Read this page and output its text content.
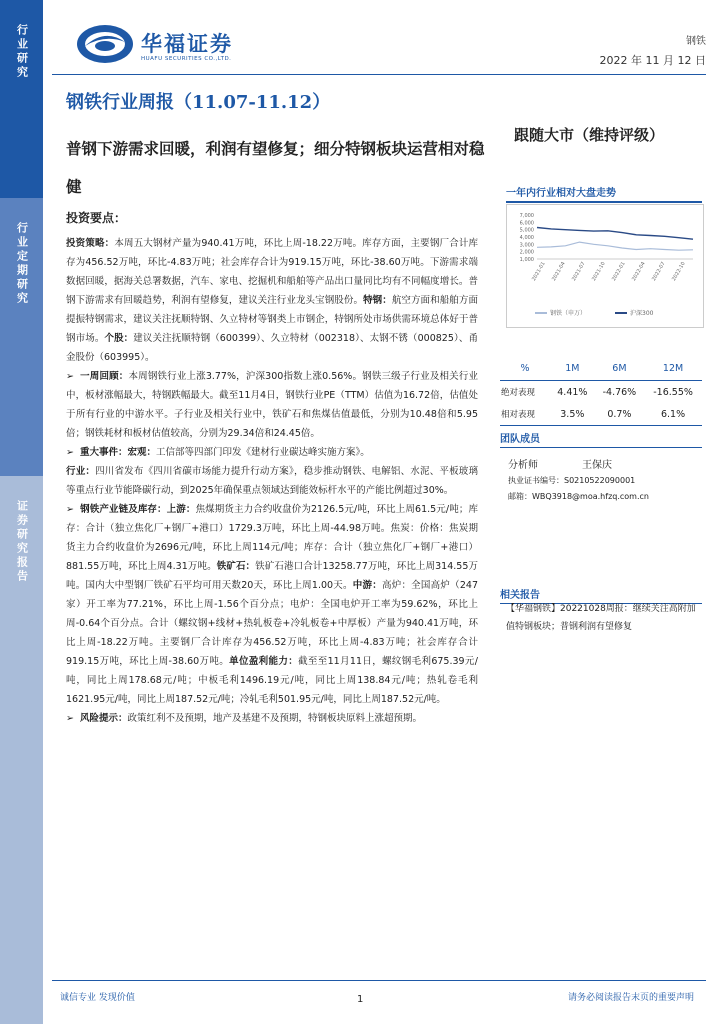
行业研究
行业定期研究
证券研究报告
华福证券
HUAFU SECURITIES CO.,LTD.
钢铁
2022 年 11 月 12 日
钢铁行业周报（11.07-11.12）
普钢下游需求回暖，利润有望修复；细分特钢板块运营相对稳健
跟随大市（维持评级）
投资要点：

投资策略：本周五大钢材产量为940.41万吨，环比上周-18.22万吨。库存方面，主要钢厂合计库存为456.52万吨，环比-4.83万吨；社会库存合计为919.15万吨，环比-38.60万吨。下游需求端数据回暖，据海关总署数据，汽车、家电、挖掘机和船舶等产品出口量同比均有不同幅度增长。普钢下游需求有回暖趋势，利润有望修复，建议关注行业龙头宝钢股份。特钢：航空方面和船舶方面提振特钢需求，建议关注抚顺特钢、久立特材等钢类上市钢企，特钢所处市场供需环境总体好于普钢市场。个股：建议关注抚顺特钢（600399）、久立特材（002318）、太钢不锈（000825）、甬金股份（603995）。

➢ 一周回顾：本周钢铁行业上涨3.77%，沪深300指数上涨0.56%。钢铁三级子行业及相关行业中，板材涨幅最大，特钢跌幅最大。截至11月4日，钢铁行业PE（TTM）估值为16.72倍，估值处于所有行业的中游水平。子行业及相关行业中，铁矿石和焦煤估值最低，分别为10.48倍和5.95倍；钢铁耗材和板材估值较高，分别为29.34倍和24.45倍。

➢ 重大事件：宏观：工信部等四部门印发《建材行业碳达峰实施方案》。
行业：四川省发布《四川省碳市场能力提升行动方案》，稳步推动钢铁、电解铝、水泥、平板玻璃等重点行业节能降碳行动，到2025年确保重点领域达到能效标杆水平的产能比例超过30%。

➢ 钢铁产业链及库存：上游：焦煤期货主力合约收盘价为2126.5元/吨，环比上周61.5元/吨；库存：合计（独立焦化厂+钢厂+港口）1729.3万吨，环比上周-44.98万吨。焦炭：价格：焦炭期货主力合约收盘价为2696元/吨，环比上周114元/吨；库存：合计（独立焦化厂+钢厂+港口）881.55万吨，环比上周4.31万吨。铁矿石：铁矿石港口合计13258.77万吨，环比上周314.55万吨。国内大中型钢厂铁矿石平均可用天数20天，环比上周1.00天。中游：高炉：全国高炉（247家）开工率为77.21%，环比上周-1.56个百分点；电炉：全国电炉开工率为59.62%，环比上周-0.64个百分点。合计（螺纹钢+线材+热轧板卷+冷轧板卷+中厚板）产量为940.41万吨，环比上周-18.22万吨。主要钢厂合计库存为456.52万吨，环比上周-4.83万吨；社会库存合计919.15万吨，环比上周-38.60万吨。单位盈利能力：截至至11月11日，螺纹钢毛利675.39元/吨，同比上周178.68元/吨；中板毛利1496.19元/吨，同比上周138.84元/吨；热轧卷毛利1621.95元/吨，同比上周187.52元/吨；冷轧毛利501.95元/吨，同比上周187.52元/吨。

➢ 风险提示：政策红利不及预期，地产及基建不及预期，特钢板块原料上涨超预期。

一年内行业相对大盘走势
7,000
6,000
5,000
4,000
3,000
2,000
1,000
2021-01 2021-04 2021-07 2021-10 2022-01 2022-04 2022-07 2022-10
钢铁（申万）	沪深300
%	1M	6M	12M
绝对表现	4.41%	-4.76%	-16.55%
相对表现	3.5%	0.7%	6.1%
团队成员
分析师	王保庆
执业证书编号：S0210522090001
邮箱：WBQ3918@moa.hfzq.com.cn
相关报告
【华福钢铁】20221028周报：继续关注高附加值特钢板块；普钢利润有望修复
诚信专业 发现价值	1	请务必阅读报告末页的重要声明
